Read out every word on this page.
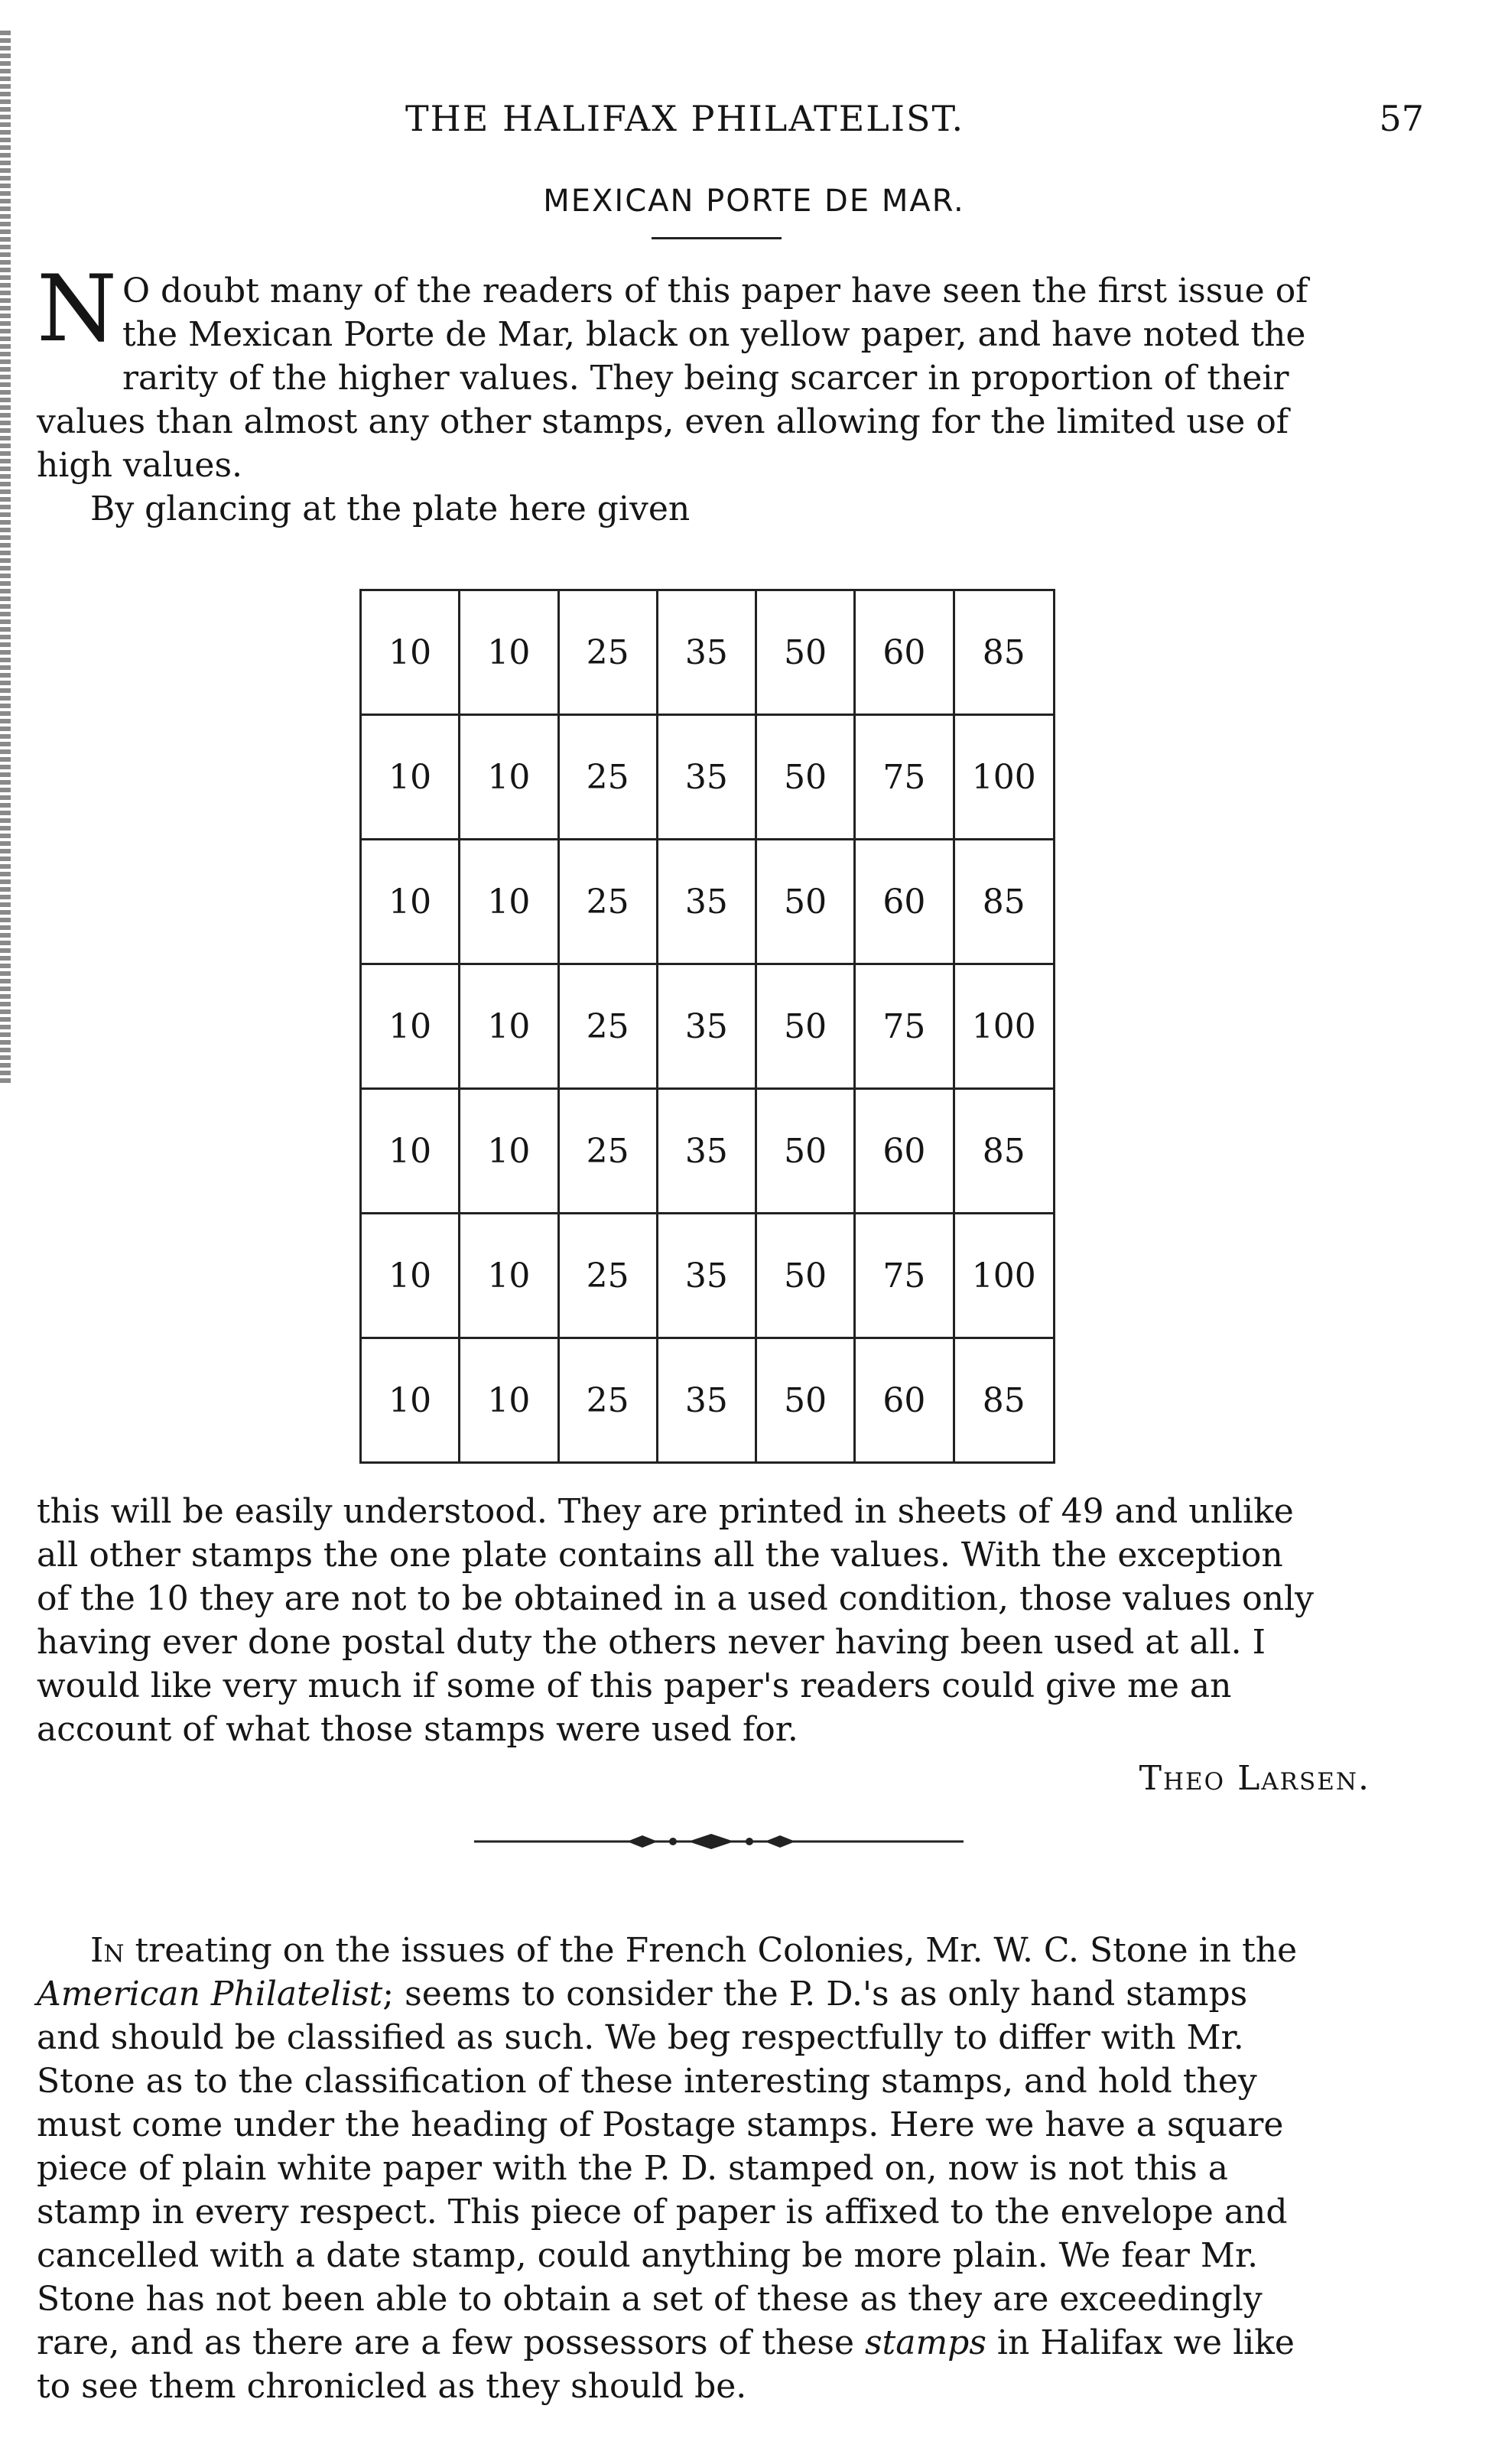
THE HALIFAX PHILATELIST.	57
MEXICAN PORTE DE MAR.
N O doubt many of the readers of this paper have seen the first issue of

the Mexican Porte de Mar, black on yellow paper, and have noted the

rarity of the higher values. They being scarcer in proportion of their

values than almost any other stamps, even allowing for the limited use of

high values.

By glancing at the plate here given
10	10	25	35	50	60	85
10	10	25	35	50	75	100
10	10	25	35	50	60	85
10	10	25	35	50	75	100
10	10	25	35	50	60	85
10	10	25	35	50	75	100
10	10	25	35	50	60	85

this will be easily understood. They are printed in sheets of 49 and unlike

all other stamps the one plate contains all the values. With the exception

of the 10 they are not to be obtained in a used condition, those values only

having ever done postal duty the others never having been used at all. I

would like very much if some of this paper's readers could give me an

account of what those stamps were used for.

Theo Larsen.

In treating on the issues of the French Colonies, Mr. W. C. Stone in the

American Philatelist; seems to consider the P. D.'s as only hand stamps

and should be classified as such. We beg respectfully to differ with Mr.

Stone as to the classification of these interesting stamps, and hold they

must come under the heading of Postage stamps. Here we have a square

piece of plain white paper with the P. D. stamped on, now is not this a

stamp in every respect. This piece of paper is affixed to the envelope and

cancelled with a date stamp, could anything be more plain. We fear Mr.

Stone has not been able to obtain a set of these as they are exceedingly

rare, and as there are a few possessors of these stamps in Halifax we like

to see them chronicled as they should be.
